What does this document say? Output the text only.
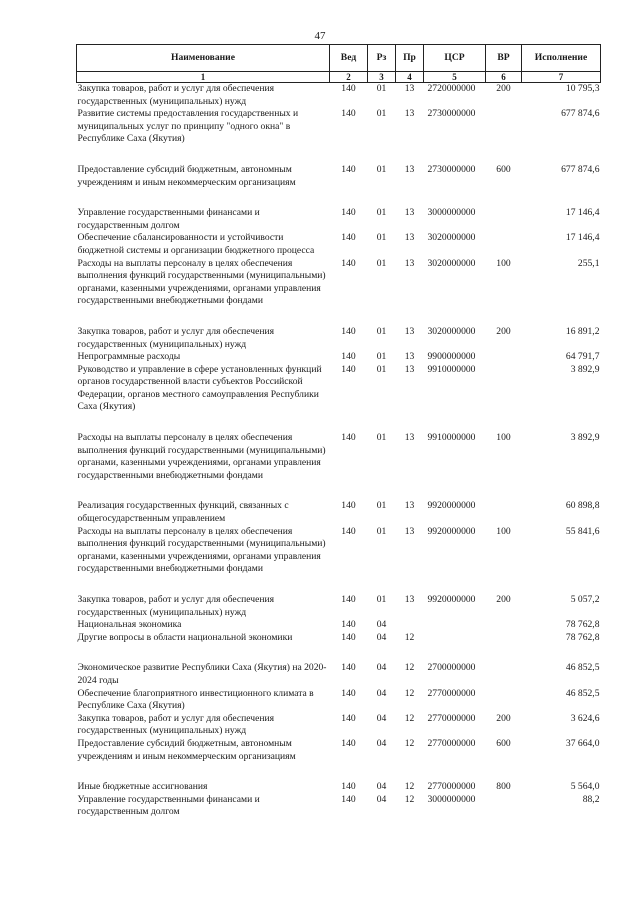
47
Наименование	Вед	Рз	Пр	ЦСР	ВР	Исполнение
1	2	3	4	5	6	7
Закупка товаров, работ и услуг для обеспечения государственных (муниципальных) нужд	140	01	13	2720000000	200	10 795,3
Развитие системы предоставления государственных и муниципальных услуг по принципу "одного окна" в Республике Саха (Якутия)	140	01	13	2730000000		677 874,6
Предоставление субсидий бюджетным, автономным учреждениям и иным некоммерческим организациям	140	01	13	2730000000	600	677 874,6
Управление государственными финансами и государственным долгом	140	01	13	3000000000		17 146,4
Обеспечение сбалансированности и устойчивости бюджетной системы и организации бюджетного процесса	140	01	13	3020000000		17 146,4
Расходы на выплаты персоналу в целях обеспечения выполнения функций государственными (муниципальными) органами, казенными учреждениями, органами управления государственными внебюджетными фондами	140	01	13	3020000000	100	255,1
Закупка товаров, работ и услуг для обеспечения государственных (муниципальных) нужд	140	01	13	3020000000	200	16 891,2
Непрограммные расходы	140	01	13	9900000000		64 791,7
Руководство и управление в сфере установленных функций органов государственной власти субъектов Российской Федерации, органов местного самоуправления Республики Саха (Якутия)	140	01	13	9910000000		3 892,9
Расходы на выплаты персоналу в целях обеспечения выполнения функций государственными (муниципальными) органами, казенными учреждениями, органами управления государственными внебюджетными фондами	140	01	13	9910000000	100	3 892,9
Реализация государственных функций, связанных с общегосударственным управлением	140	01	13	9920000000		60 898,8
Расходы на выплаты персоналу в целях обеспечения выполнения функций государственными (муниципальными) органами, казенными учреждениями, органами управления государственными внебюджетными фондами	140	01	13	9920000000	100	55 841,6
Закупка товаров, работ и услуг для обеспечения государственных (муниципальных) нужд	140	01	13	9920000000	200	5 057,2
Национальная экономика	140	04				78 762,8
Другие вопросы в области национальной экономики	140	04	12			78 762,8
Экономическое развитие Республики Саха (Якутия) на 2020-2024 годы	140	04	12	2700000000		46 852,5
Обеспечение благоприятного инвестиционного климата в Республике Саха (Якутия)	140	04	12	2770000000		46 852,5
Закупка товаров, работ и услуг для обеспечения государственных (муниципальных) нужд	140	04	12	2770000000	200	3 624,6
Предоставление субсидий бюджетным, автономным учреждениям и иным некоммерческим организациям	140	04	12	2770000000	600	37 664,0
Иные бюджетные ассигнования	140	04	12	2770000000	800	5 564,0
Управление государственными финансами и государственным долгом	140	04	12	3000000000		88,2
